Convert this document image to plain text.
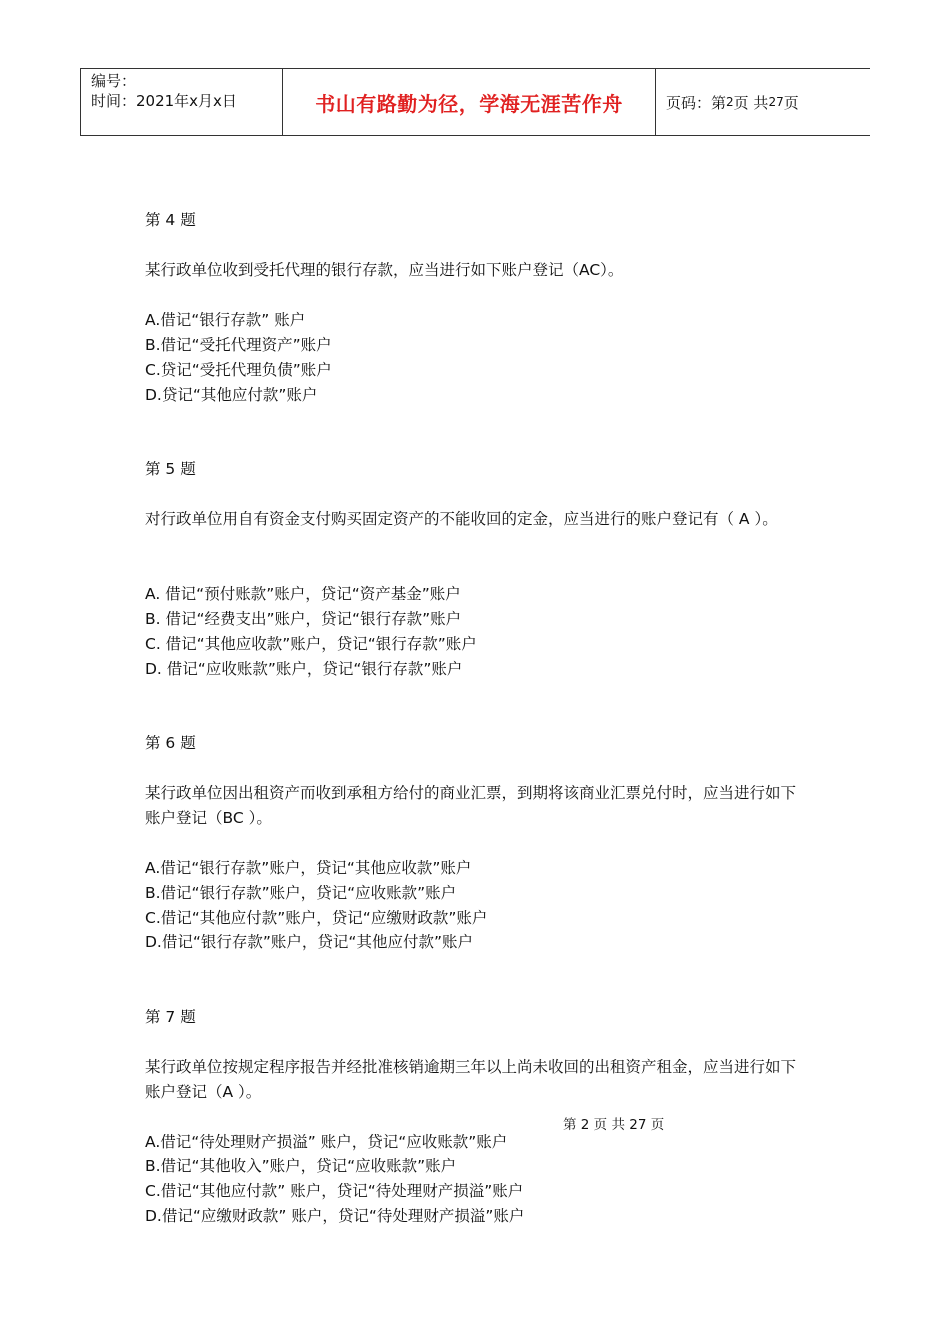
编号：
时间：2021年x月x日	书山有路勤为径，学海无涯苦作舟	页码：第 2 页 共 27 页
第 4 题
某行政单位收到受托代理的银行存款，应当进行如下账户登记（AC）。
A.借记“银行存款” 账户
B.借记“受托代理资产”账户
C.贷记“受托代理负债”账户
D.贷记“其他应付款”账户
第 5 题
对行政单位用自有资金支付购买固定资产的不能收回的定金，应当进行的账户登记有（ A ）。
A. 借记“预付账款”账户，贷记“资产基金”账户
B. 借记“经费支出”账户，贷记“银行存款”账户
C. 借记“其他应收款”账户，贷记“银行存款”账户
D. 借记“应收账款”账户，贷记“银行存款”账户
第 6 题
某行政单位因出租资产而收到承租方给付的商业汇票，到期将该商业汇票兑付时，应当进行如下账户登记（BC ）。
A.借记“银行存款”账户，贷记“其他应收款”账户
B.借记“银行存款”账户，贷记“应收账款”账户
C.借记“其他应付款”账户，贷记“应缴财政款”账户
D.借记“银行存款”账户，贷记“其他应付款”账户
第 7 题
某行政单位按规定程序报告并经批准核销逾期三年以上尚未收回的出租资产租金，应当进行如下账户登记（A ）。
A.借记“待处理财产损溢” 账户，贷记“应收账款”账户
B.借记“其他收入”账户，贷记“应收账款”账户
C.借记“其他应付款” 账户，贷记“待处理财产损溢”账户
D.借记“应缴财政款” 账户，贷记“待处理财产损溢”账户
第 2 页 共 27 页
